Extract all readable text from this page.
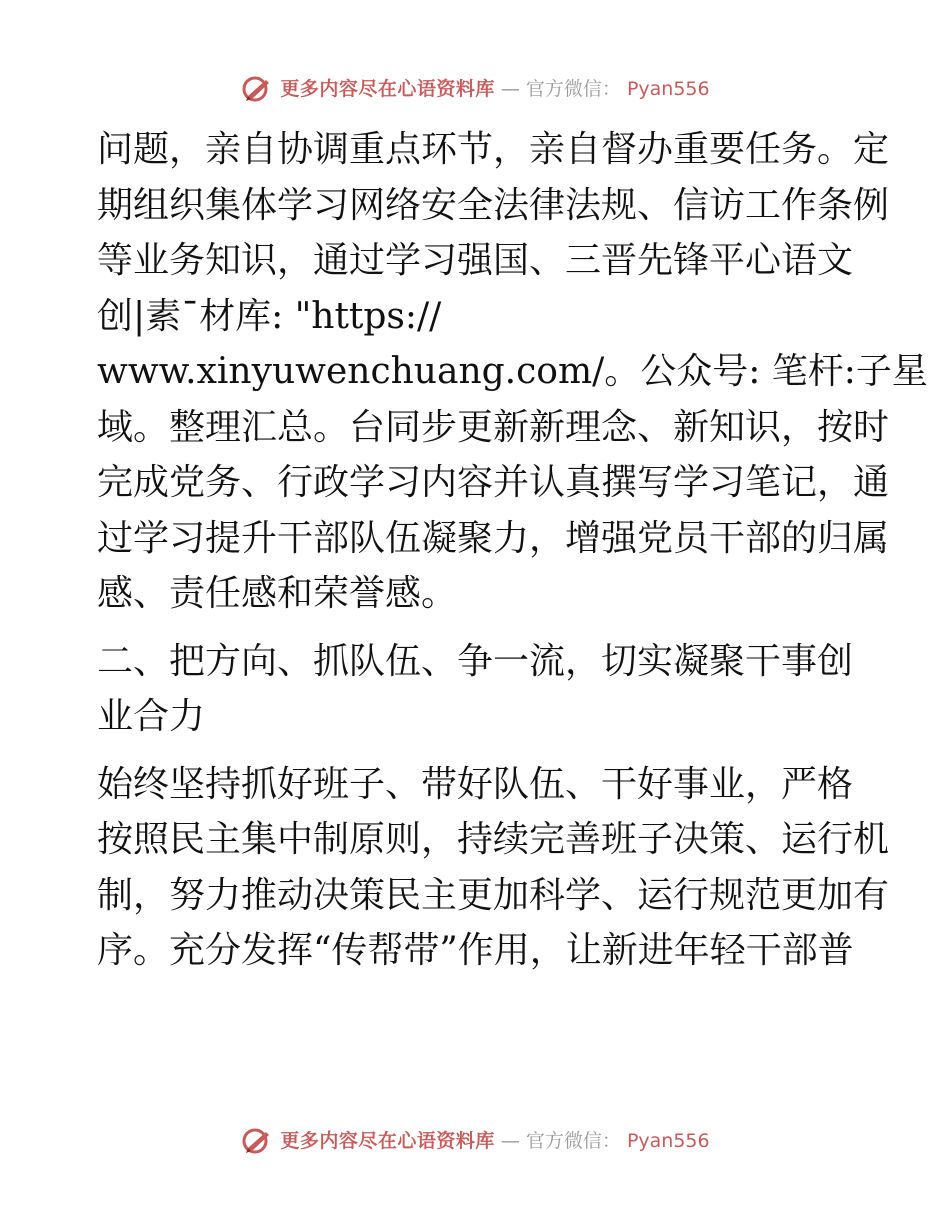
更多内容尽在心语资料库 — 官方微信： Pyan556

问题，亲自协调重点环节，亲自督办重要任务。定
期组织集体学习网络安全法律法规、信访工作条例
等业务知识，通过学习强国、三晋先锋平心语文
创|素¯材库: "https://
www.xinyuwenchuang.com/。公众号: 笔杆:子星
域。整理汇总。台同步更新新理念、新知识，按时
完成党务、行政学习内容并认真撰写学习笔记，通
过学习提升干部队伍凝聚力，增强党员干部的归属
感、责任感和荣誉感。

二、把方向、抓队伍、争一流，切实凝聚干事创
业合力

始终坚持抓好班子、带好队伍、干好事业，严格
按照民主集中制原则，持续完善班子决策、运行机
制，努力推动决策民主更加科学、运行规范更加有
序。充分发挥“传帮带”作用，让新进年轻干部普

更多内容尽在心语资料库 — 官方微信： Pyan556
